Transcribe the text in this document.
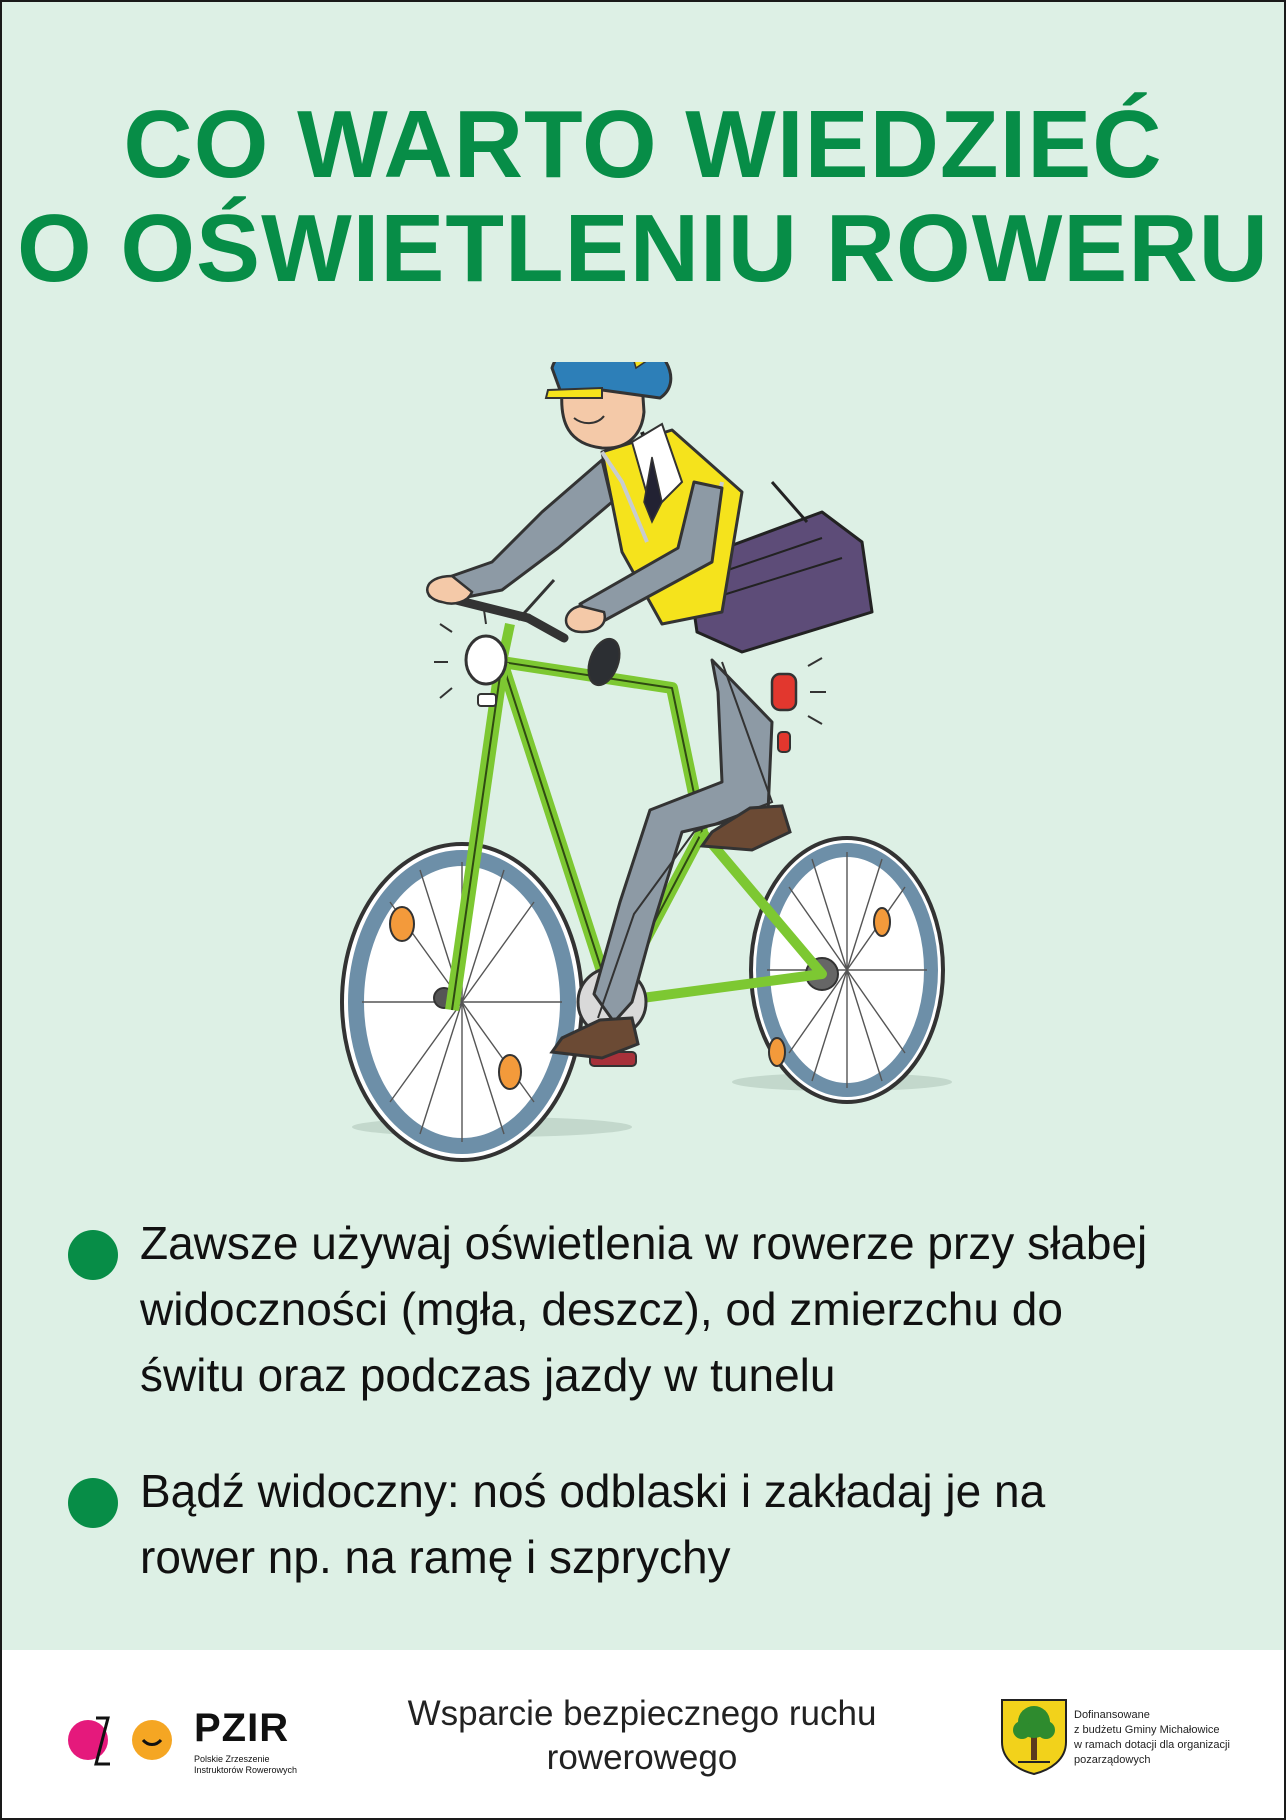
CO WARTO WIEDZIEĆ
O OŚWIETLENIU ROWERU
Zawsze używaj oświetlenia w rowerze przy słabej
widoczności (mgła, deszcz), od zmierzchu do
świtu oraz podczas jazdy w tunelu
Bądź widoczny: noś odblaski i zakładaj je na
rower np. na ramę i szprychy
PZIR
Polskie Zrzeszenie
Instruktorów Rowerowych
Wsparcie bezpiecznego ruchu
rowerowego
Dofinansowane
z budżetu Gminy Michałowice
w ramach dotacji dla organizacji
pozarządowych
